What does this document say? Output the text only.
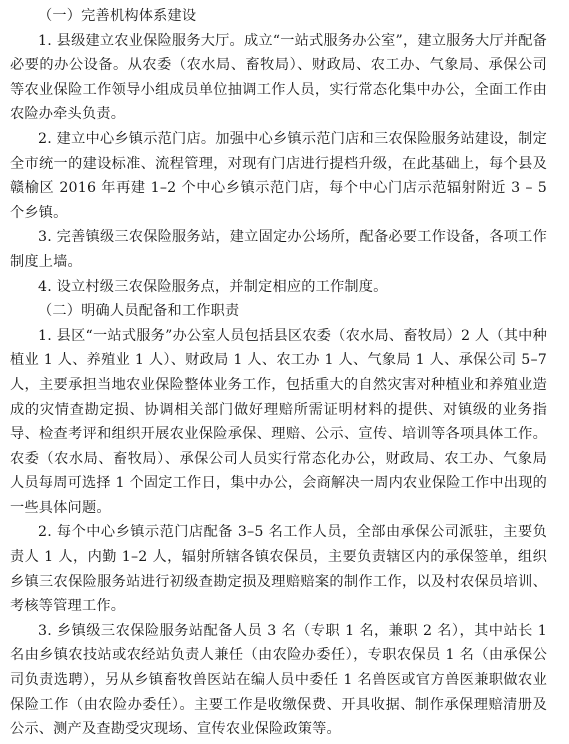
（一）完善机构体系建设

1. 县级建立农业保险服务大厅。成立“一站式服务办公室”，建立服务大厅并配备必要的办公设备。从农委（农水局、畜牧局）、财政局、农工办、气象局、承保公司等农业保险工作领导小组成员单位抽调工作人员，实行常态化集中办公，全面工作由农险办牵头负责。

2. 建立中心乡镇示范门店。加强中心乡镇示范门店和三农保险服务站建设，制定全市统一的建设标准、流程管理，对现有门店进行提档升级，在此基础上，每个县及赣榆区 2016 年再建 1–2 个中心乡镇示范门店，每个中心门店示范辐射附近 3 – 5 个乡镇。

3. 完善镇级三农保险服务站，建立固定办公场所，配备必要工作设备，各项工作制度上墙。

4. 设立村级三农保险服务点，并制定相应的工作制度。

（二）明确人员配备和工作职责

1. 县区“一站式服务”办公室人员包括县区农委（农水局、畜牧局）2 人（其中种植业 1 人、养殖业 1 人）、财政局 1 人、农工办 1 人、气象局 1 人、承保公司 5–7 人，主要承担当地农业保险整体业务工作，包括重大的自然灾害对种植业和养殖业造成的灾情查勘定损、协调相关部门做好理赔所需证明材料的提供、对镇级的业务指导、检查考评和组织开展农业保险承保、理赔、公示、宣传、培训等各项具体工作。农委（农水局、畜牧局）、承保公司人员实行常态化办公，财政局、农工办、气象局人员每周可选择 1 个固定工作日，集中办公，会商解决一周内农业保险工作中出现的一些具体问题。

2. 每个中心乡镇示范门店配备 3–5 名工作人员，全部由承保公司派驻，主要负责人 1 人，内勤 1–2 人，辐射所辖各镇农保员，主要负责辖区内的承保签单，组织乡镇三农保险服务站进行初级查勘定损及理赔赔案的制作工作，以及村农保员培训、考核等管理工作。

3. 乡镇级三农保险服务站配备人员 3 名（专职 1 名，兼职 2 名），其中站长 1 名由乡镇农技站或农经站负责人兼任（由农险办委任），专职农保员 1 名（由承保公司负责选聘），另从乡镇畜牧兽医站在编人员中委任 1 名兽医或官方兽医兼职做农业保险工作（由农险办委任）。主要工作是收缴保费、开具收据、制作承保理赔清册及公示、测产及查勘受灾现场、宣传农业保险政策等。
